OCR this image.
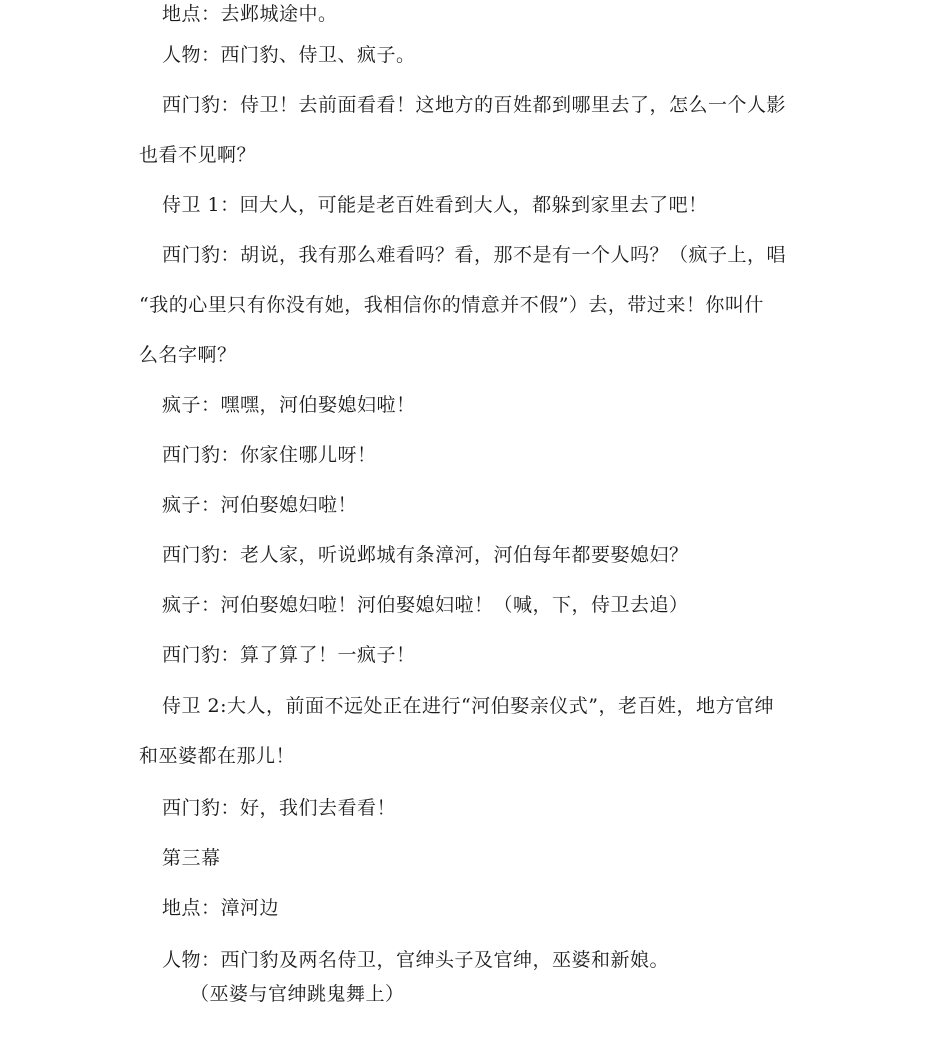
地点：去邺城途中。
人物：西门豹、侍卫、疯子。
西门豹：侍卫！去前面看看！这地方的百姓都到哪里去了，怎么一个人影
也看不见啊？
侍卫 1：回大人，可能是老百姓看到大人，都躲到家里去了吧！
西门豹：胡说，我有那么难看吗？看，那不是有一个人吗？（疯子上，唱
“我的心里只有你没有她，我相信你的情意并不假”）去，带过来！你叫什
么名字啊？
疯子：嘿嘿，河伯娶媳妇啦！
西门豹：你家住哪儿呀！
疯子：河伯娶媳妇啦！
西门豹：老人家，听说邺城有条漳河，河伯每年都要娶媳妇？
疯子：河伯娶媳妇啦！河伯娶媳妇啦！（喊，下，侍卫去追）
西门豹：算了算了！一疯子！
侍卫 2:大人，前面不远处正在进行“河伯娶亲仪式”，老百姓，地方官绅
和巫婆都在那儿！
西门豹：好，我们去看看！
第三幕
地点：漳河边
人物：西门豹及两名侍卫，官绅头子及官绅，巫婆和新娘。
（巫婆与官绅跳鬼舞上）
